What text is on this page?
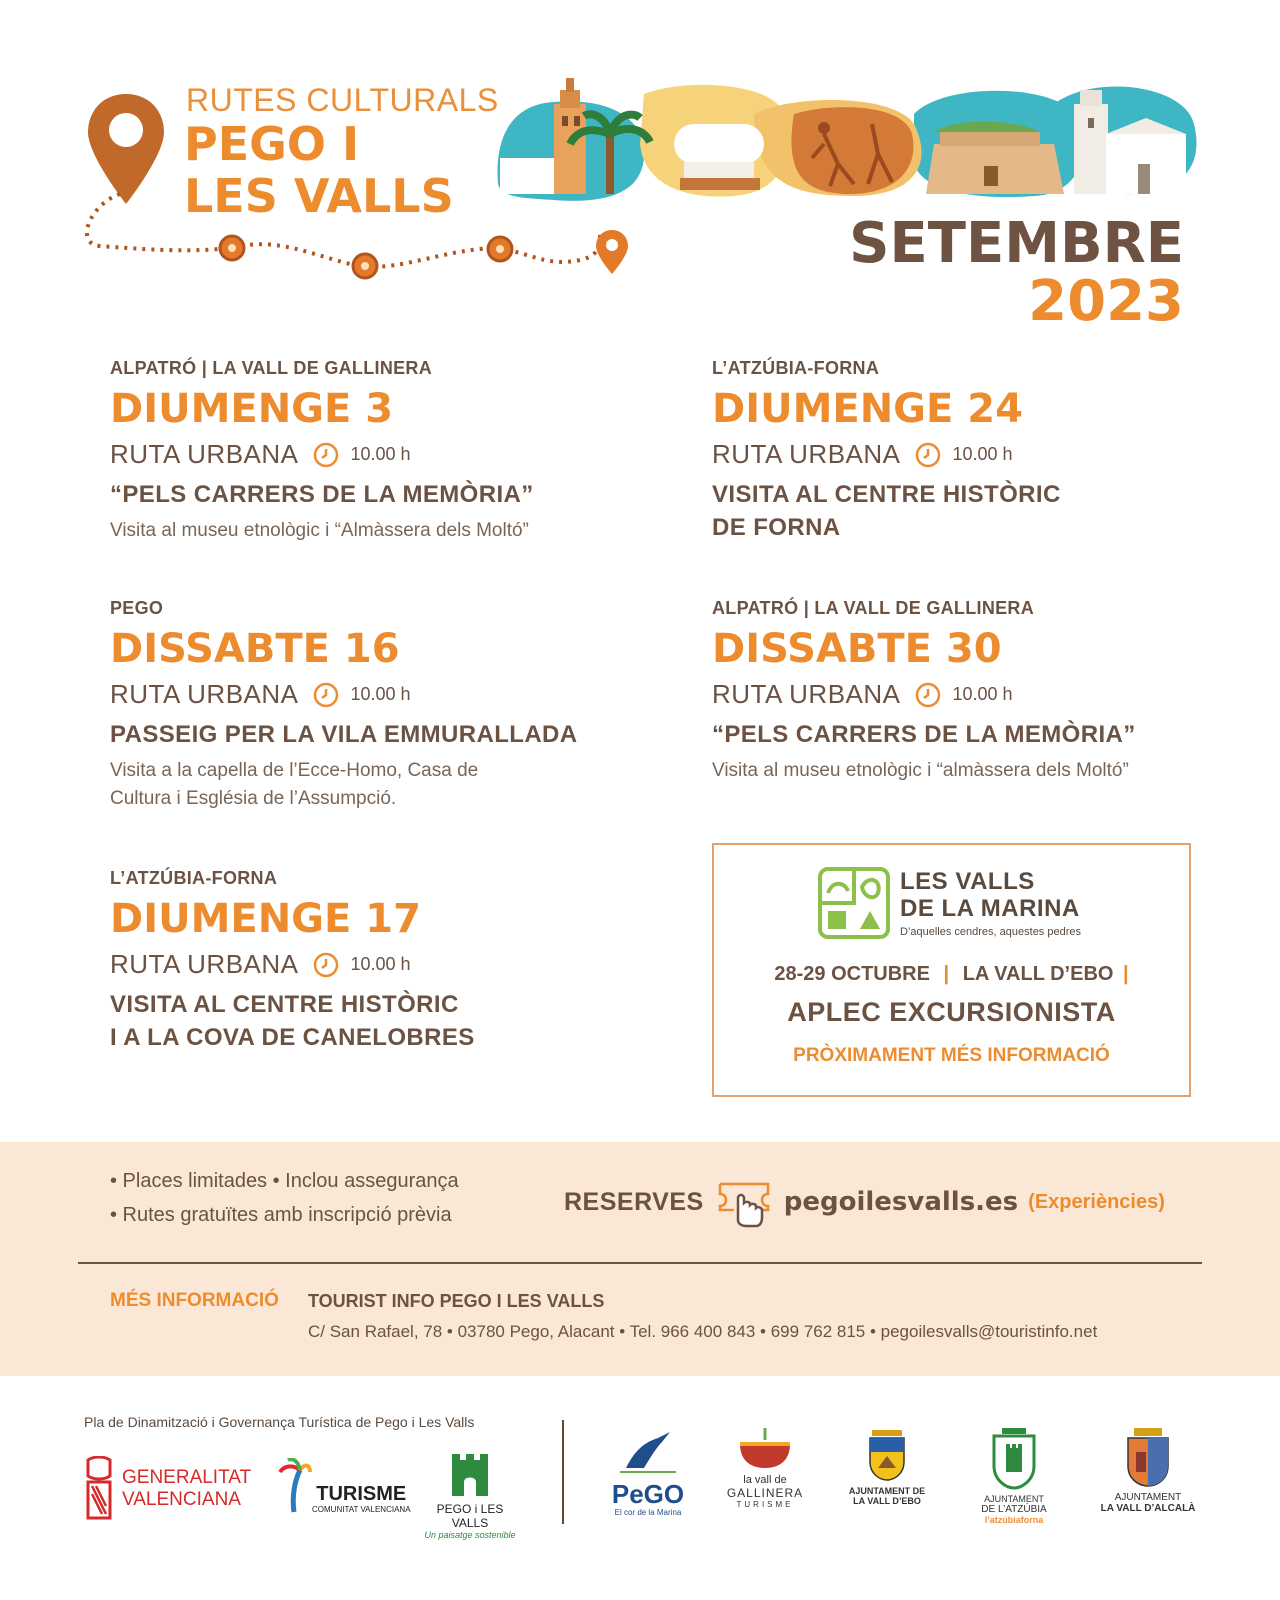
RUTES CULTURALS
PEGO I
LES VALLS
SETEMBRE
2023
ALPATRÓ | LA VALL DE GALLINERA
DIUMENGE 3
RUTA URBANA	10.00 h
“PELS CARRERS DE LA MEMÒRIA”
Visita al museu etnològic i “Almàssera dels Moltó”
PEGO
DISSABTE 16
RUTA URBANA	10.00 h
PASSEIG PER LA VILA EMMURALLADA
Visita a la capella de l’Ecce-Homo, Casa de
Cultura i Església de l’Assumpció.
L’ATZÚBIA-FORNA
DIUMENGE 17
RUTA URBANA	10.00 h
VISITA AL CENTRE HISTÒRIC
I A LA COVA DE CANELOBRES
L’ATZÚBIA-FORNA
DIUMENGE 24
RUTA URBANA	10.00 h
VISITA AL CENTRE HISTÒRIC
DE FORNA
ALPATRÓ | LA VALL DE GALLINERA
DISSABTE 30
RUTA URBANA	10.00 h
“PELS CARRERS DE LA MEMÒRIA”
Visita al museu etnològic i “almàssera dels Moltó”
LES VALLS
DE LA MARINA
D’aquelles cendres, aquestes pedres
28-29 OCTUBRE | LA VALL D’EBO |
APLEC EXCURSIONISTA
PRÒXIMAMENT MÉS INFORMACIÓ
• Places limitades • Inclou assegurança
• Rutes gratuïtes amb inscripció prèvia	RESERVES	pegoilesvalls.es (Experiències)
MÉS INFORMACIÓ TOURIST INFO PEGO I LES VALLS
C/ San Rafael, 78 • 03780 Pego, Alacant • Tel. 966 400 843 • 699 762 815 • pegoilesvalls@touristinfo.net
Pla de Dinamització i Governança Turística de Pego i Les Valls
GENERALITAT
VALENCIANA	TURISME
COMUNITAT VALENCIANA	PEGO i LES VALLS
Un paisatge sostenible
PeGO
El cor de la Marina
la vall de
GALLINERA
TURISME
AJUNTAMENT DE
LA VALL D’EBO	AJUNTAMENT
DE L’ATZÚBIA
l’atzúbiaforna
AJUNTAMENT
LA VALL D’ALCALÀ
